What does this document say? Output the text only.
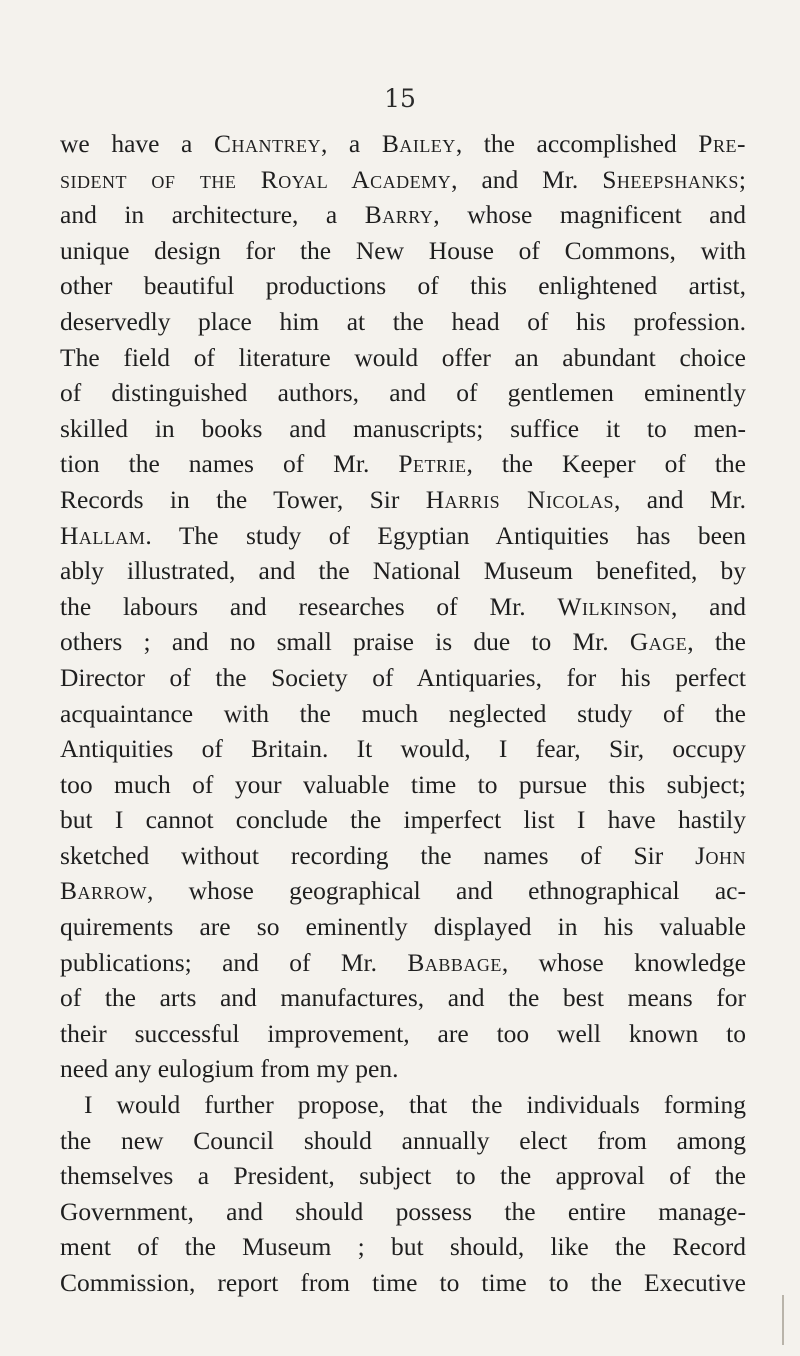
15
we have a Chantrey, a Bailey, the accomplished Pre-
sident of the Royal Academy, and Mr. Sheepshanks;
and in architecture, a Barry, whose magnificent and
unique design for the New House of Commons, with
other beautiful productions of this enlightened artist,
deservedly place him at the head of his profession.
The field of literature would offer an abundant choice
of distinguished authors, and of gentlemen eminently
skilled in books and manuscripts; suffice it to men-
tion the names of Mr. Petrie, the Keeper of the
Records in the Tower, Sir Harris Nicolas, and Mr.
Hallam. The study of Egyptian Antiquities has been
ably illustrated, and the National Museum benefited, by
the labours and researches of Mr. Wilkinson, and
others ; and no small praise is due to Mr. Gage, the
Director of the Society of Antiquaries, for his perfect
acquaintance with the much neglected study of the
Antiquities of Britain. It would, I fear, Sir, occupy
too much of your valuable time to pursue this subject;
but I cannot conclude the imperfect list I have hastily
sketched without recording the names of Sir John
Barrow, whose geographical and ethnographical ac-
quirements are so eminently displayed in his valuable
publications; and of Mr. Babbage, whose knowledge
of the arts and manufactures, and the best means for
their successful improvement, are too well known to
need any eulogium from my pen.
I would further propose, that the individuals forming
the new Council should annually elect from among
themselves a President, subject to the approval of the
Government, and should possess the entire manage-
ment of the Museum ; but should, like the Record
Commission, report from time to time to the Executive
